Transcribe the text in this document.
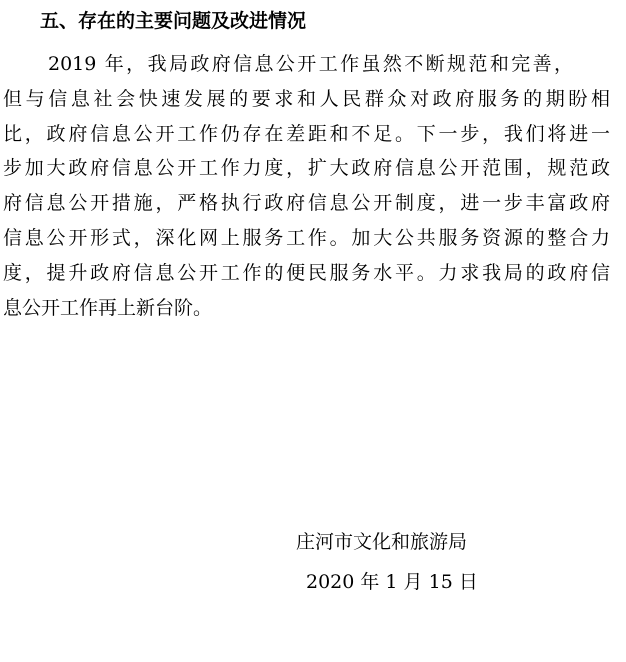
五、存在的主要问题及改进情况
2019 年，我局政府信息公开工作虽然不断规范和完善，
但与信息社会快速发展的要求和人民群众对政府服务的期盼相
比，政府信息公开工作仍存在差距和不足。下一步，我们将进一
步加大政府信息公开工作力度，扩大政府信息公开范围，规范政
府信息公开措施，严格执行政府信息公开制度，进一步丰富政府
信息公开形式，深化网上服务工作。加大公共服务资源的整合力
度，提升政府信息公开工作的便民服务水平。力求我局的政府信
息公开工作再上新台阶。
庄河市文化和旅游局
2020 年 1 月 15 日
